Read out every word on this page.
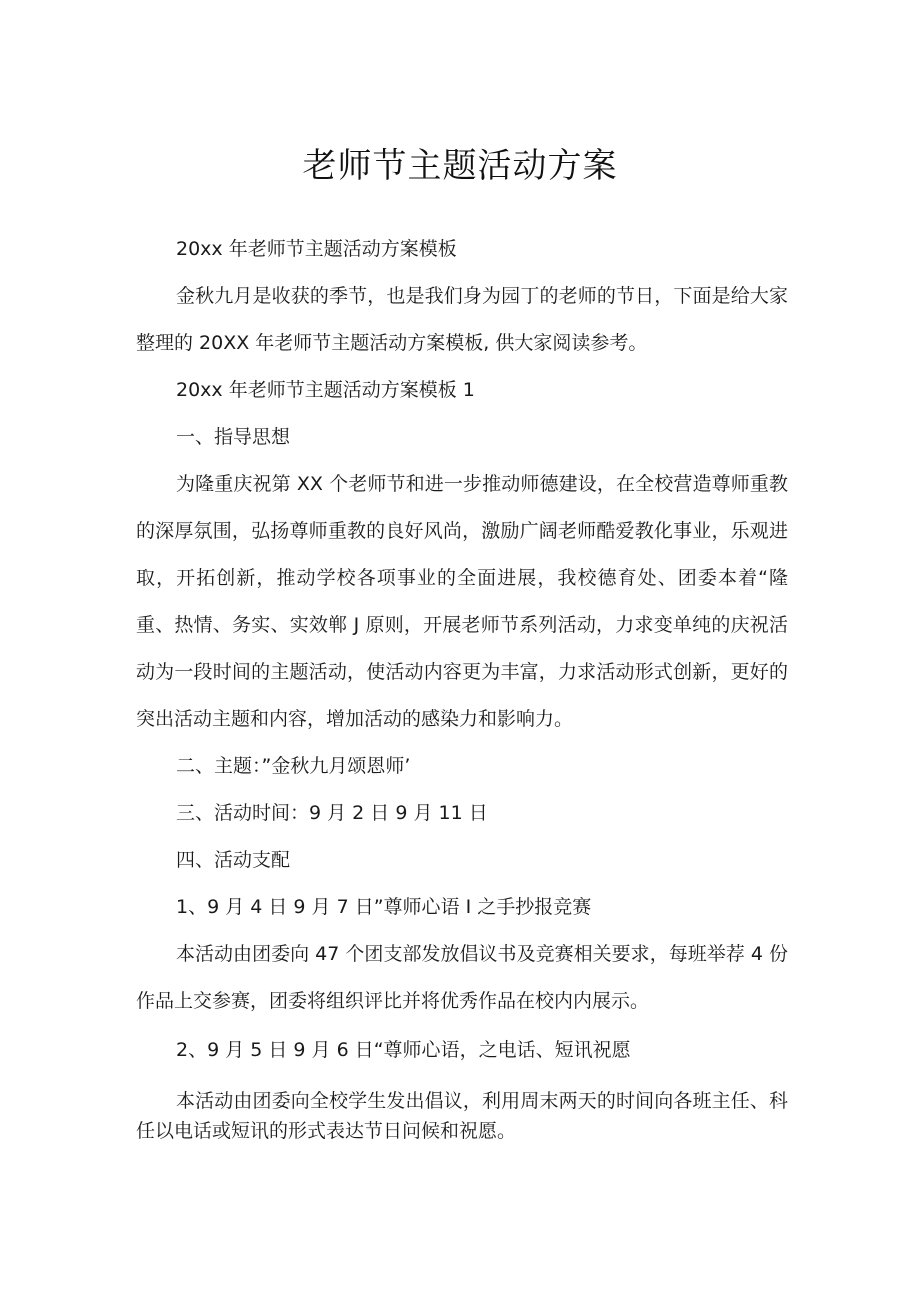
老师节主题活动方案

20xx 年老师节主题活动方案模板

金秋九月是收获的季节，也是我们身为园丁的老师的节日，下面是给大家整理的 20XX 年老师节主题活动方案模板, 供大家阅读参考。

20xx 年老师节主题活动方案模板 1

一、指导思想

为隆重庆祝第 XX 个老师节和进一步推动师德建设，在全校营造尊师重教的深厚氛围，弘扬尊师重教的良好风尚，激励广阔老师酷爱教化事业，乐观进取，开拓创新，推动学校各项事业的全面进展，我校德育处、团委本着“隆重、热情、务实、实效郸 J 原则，开展老师节系列活动，力求变单纯的庆祝活动为一段时间的主题活动，使活动内容更为丰富，力求活动形式创新，更好的突出活动主题和内容，增加活动的感染力和影响力。

二、主题：”金秋九月颂恩师’

三、活动时间：9 月 2 日 9 月 11 日

四、活动支配

1、9 月 4 日 9 月 7 日”尊师心语 I 之手抄报竞赛

本活动由团委向 47 个团支部发放倡议书及竞赛相关要求，每班举荐 4 份作品上交参赛，团委将组织评比并将优秀作品在校内内展示。

2、9 月 5 日 9 月 6 日“尊师心语，之电话、短讯祝愿

本活动由团委向全校学生发出倡议，利用周末两天的时间向各班主任、科任以电话或短讯的形式表达节日问候和祝愿。
